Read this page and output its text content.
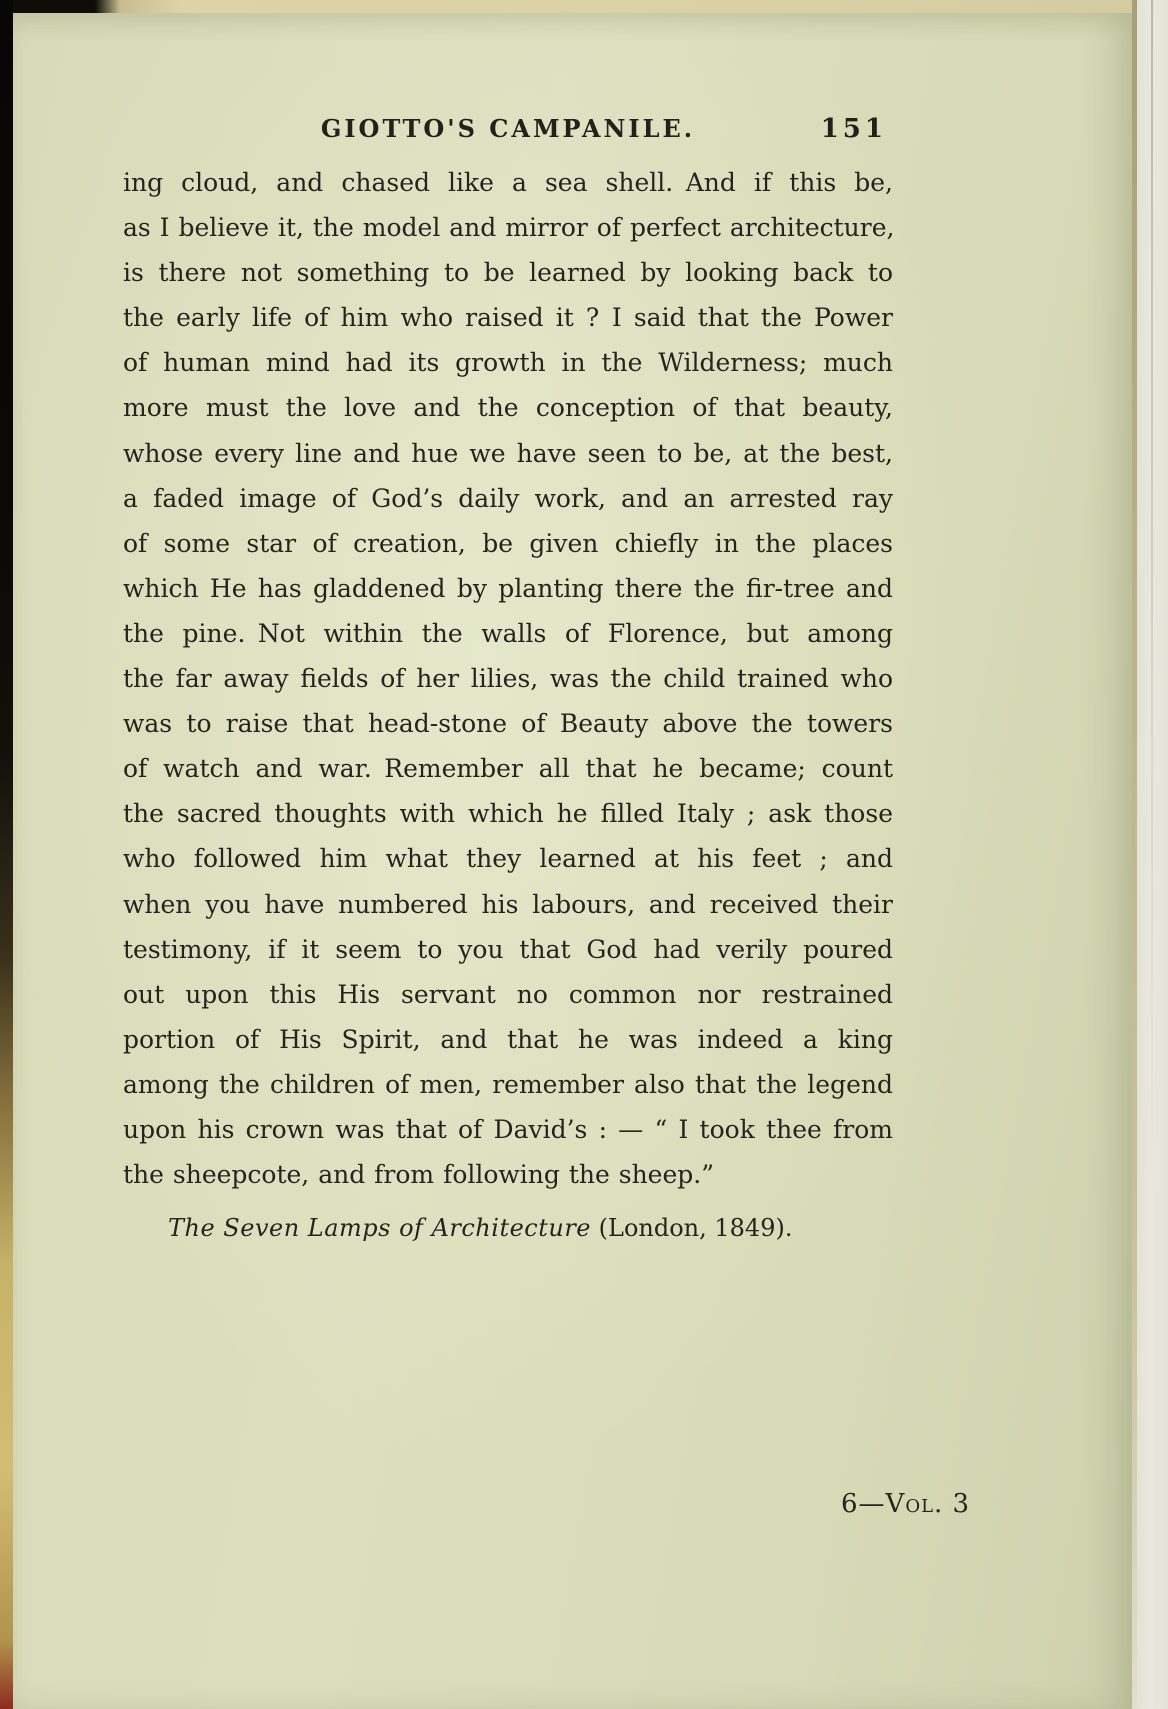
GIOTTO'S CAMPANILE.	151
ing cloud, and chased like a sea shell. And if this be,
as I believe it, the model and mirror of perfect architecture,
is there not something to be learned by looking back to
the early life of him who raised it ? I said that the Power
of human mind had its growth in the Wilderness; much
more must the love and the conception of that beauty,
whose every line and hue we have seen to be, at the best,
a faded image of God’s daily work, and an arrested ray
of some star of creation, be given chiefly in the places
which He has gladdened by planting there the fir-tree and
the pine. Not within the walls of Florence, but among
the far away fields of her lilies, was the child trained who
was to raise that head-stone of Beauty above the towers
of watch and war. Remember all that he became; count
the sacred thoughts with which he filled Italy ; ask those
who followed him what they learned at his feet ; and
when you have numbered his labours, and received their
testimony, if it seem to you that God had verily poured
out upon this His servant no common nor restrained
portion of His Spirit, and that he was indeed a king
among the children of men, remember also that the legend
upon his crown was that of David’s : — “ I took thee from
the sheepcote, and from following the sheep.”
The Seven Lamps of Architecture (London, 1849).
6—Vol. 3
